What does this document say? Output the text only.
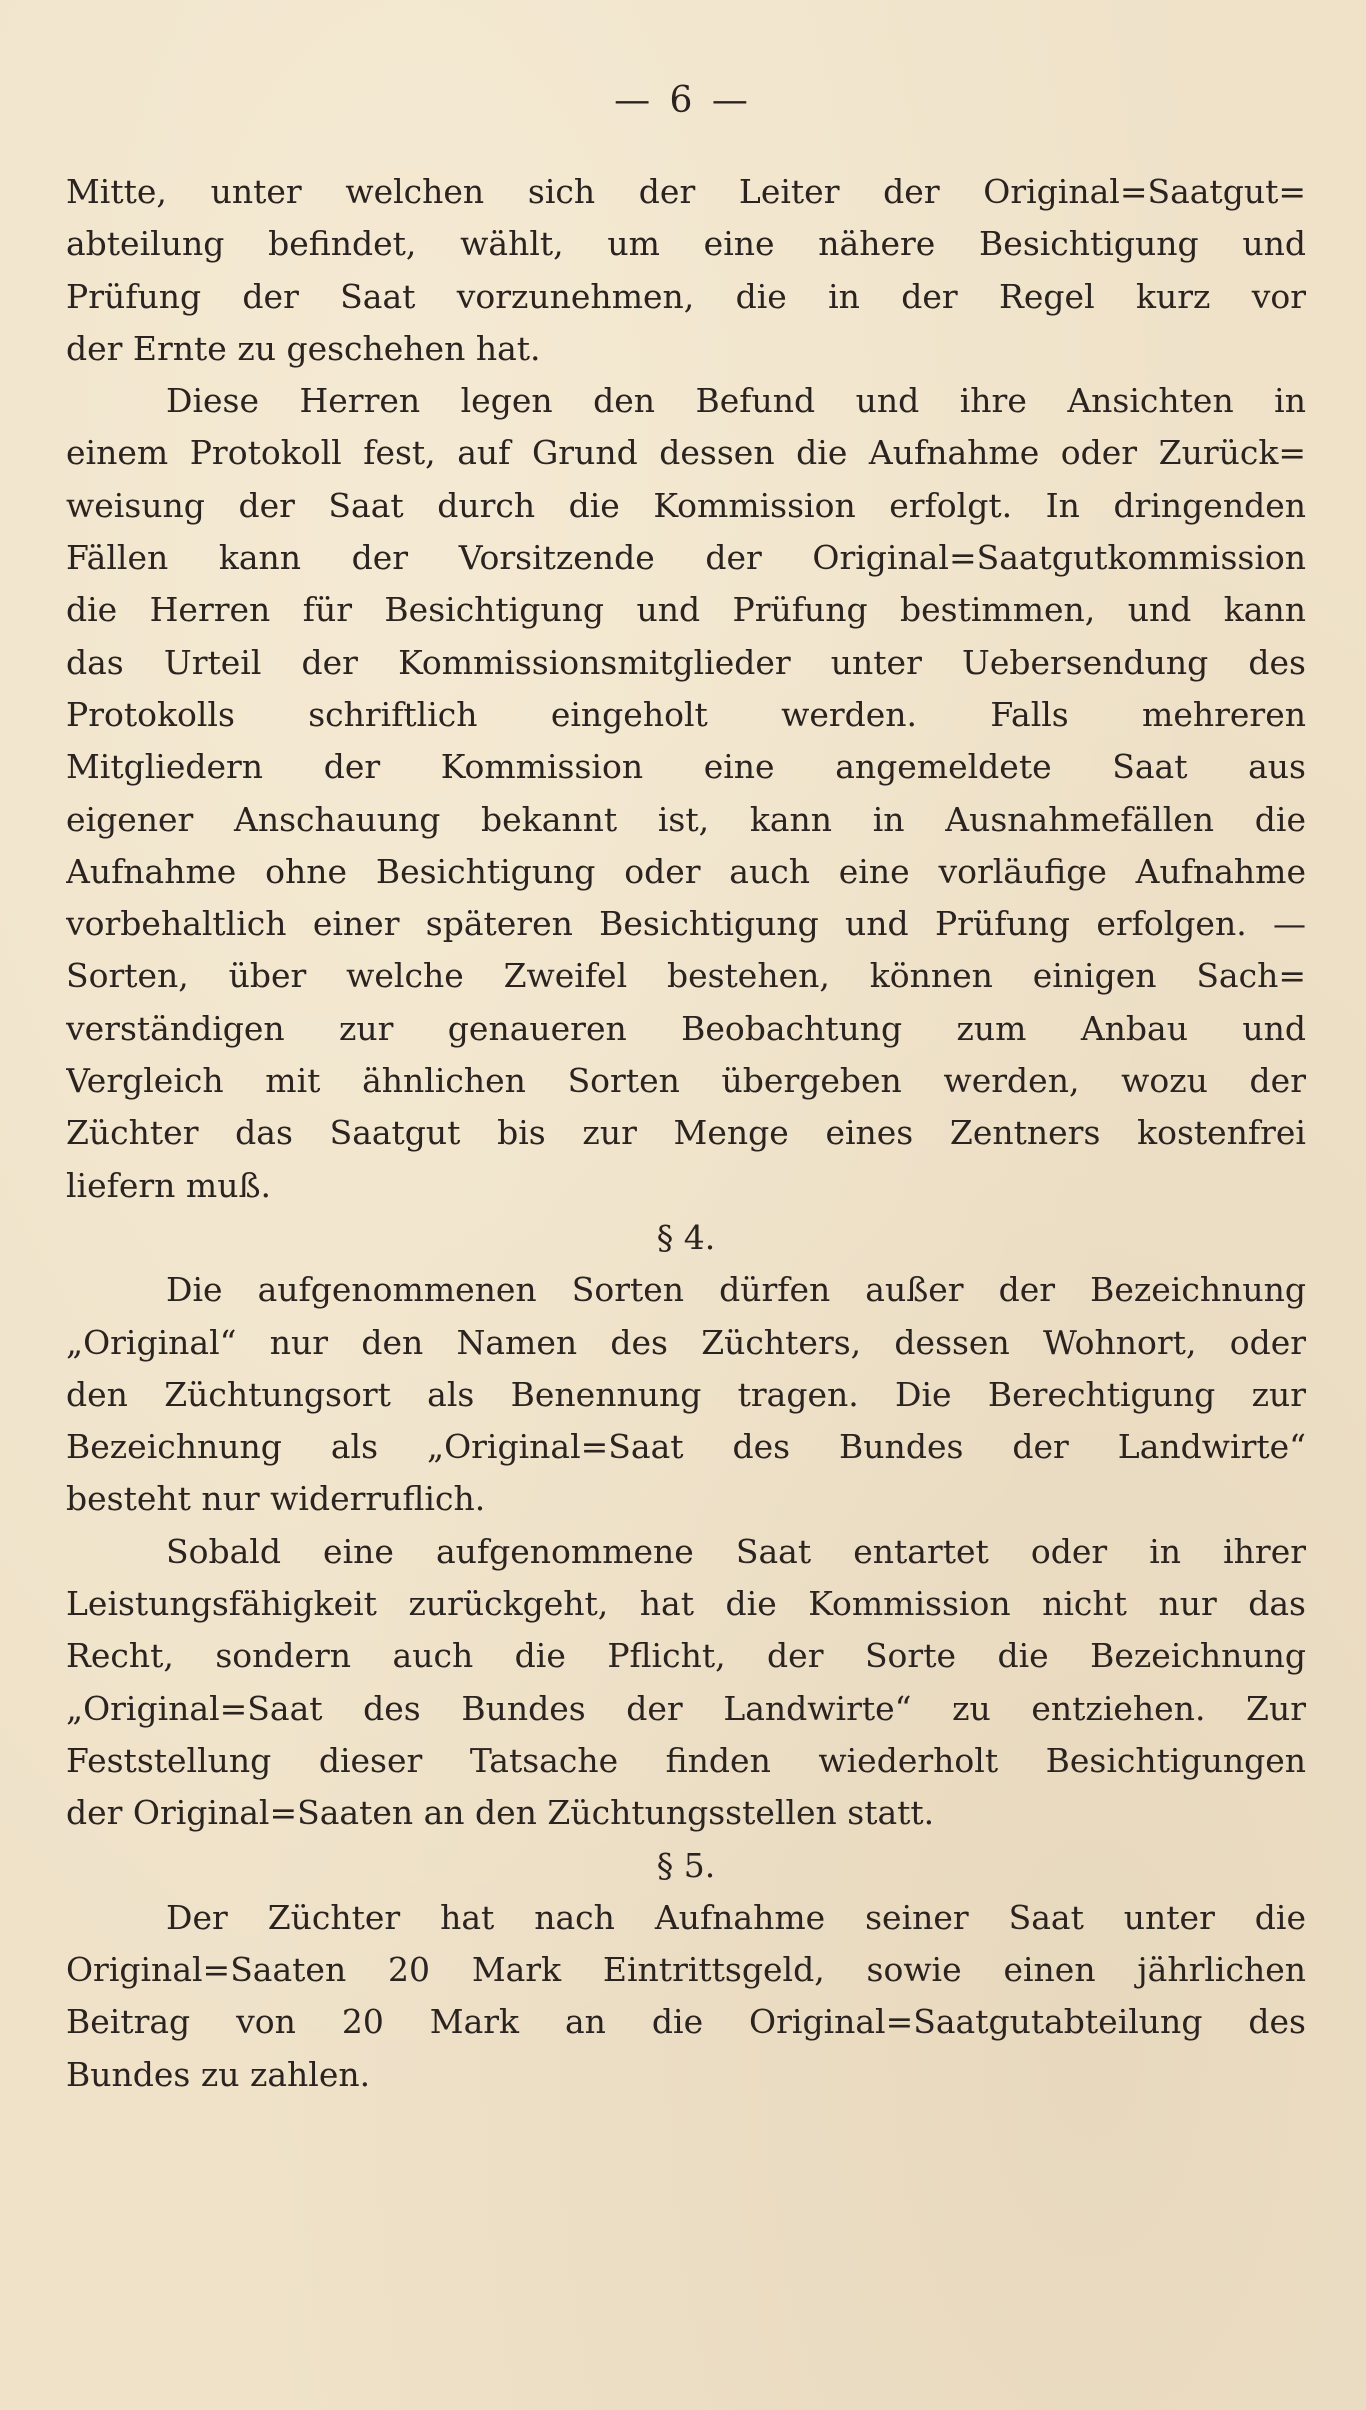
— 6 —
Mitte, unter welchen sich der Leiter der Original=Saatgut=
abteilung befindet, wählt, um eine nähere Besichtigung und
Prüfung der Saat vorzunehmen, die in der Regel kurz vor
der Ernte zu geschehen hat.
Diese Herren legen den Befund und ihre Ansichten in
einem Protokoll fest, auf Grund dessen die Aufnahme oder Zurück=
weisung der Saat durch die Kommission erfolgt. In dringenden
Fällen kann der Vorsitzende der Original=Saatgutkommission
die Herren für Besichtigung und Prüfung bestimmen, und kann
das Urteil der Kommissionsmitglieder unter Uebersendung des
Protokolls schriftlich eingeholt werden. Falls mehreren
Mitgliedern der Kommission eine angemeldete Saat aus
eigener Anschauung bekannt ist, kann in Ausnahmefällen die
Aufnahme ohne Besichtigung oder auch eine vorläufige Aufnahme
vorbehaltlich einer späteren Besichtigung und Prüfung erfolgen. —
Sorten, über welche Zweifel bestehen, können einigen Sach=
verständigen zur genaueren Beobachtung zum Anbau und
Vergleich mit ähnlichen Sorten übergeben werden, wozu der
Züchter das Saatgut bis zur Menge eines Zentners kostenfrei
liefern muß.
§ 4.
Die aufgenommenen Sorten dürfen außer der Bezeichnung
„Original“ nur den Namen des Züchters, dessen Wohnort, oder
den Züchtungsort als Benennung tragen. Die Berechtigung zur
Bezeichnung als „Original=Saat des Bundes der Landwirte“
besteht nur widerruflich.
Sobald eine aufgenommene Saat entartet oder in ihrer
Leistungsfähigkeit zurückgeht, hat die Kommission nicht nur das
Recht, sondern auch die Pflicht, der Sorte die Bezeichnung
„Original=Saat des Bundes der Landwirte“ zu entziehen. Zur
Feststellung dieser Tatsache finden wiederholt Besichtigungen
der Original=Saaten an den Züchtungsstellen statt.
§ 5.
Der Züchter hat nach Aufnahme seiner Saat unter die
Original=Saaten 20 Mark Eintrittsgeld, sowie einen jährlichen
Beitrag von 20 Mark an die Original=Saatgutabteilung des
Bundes zu zahlen.
